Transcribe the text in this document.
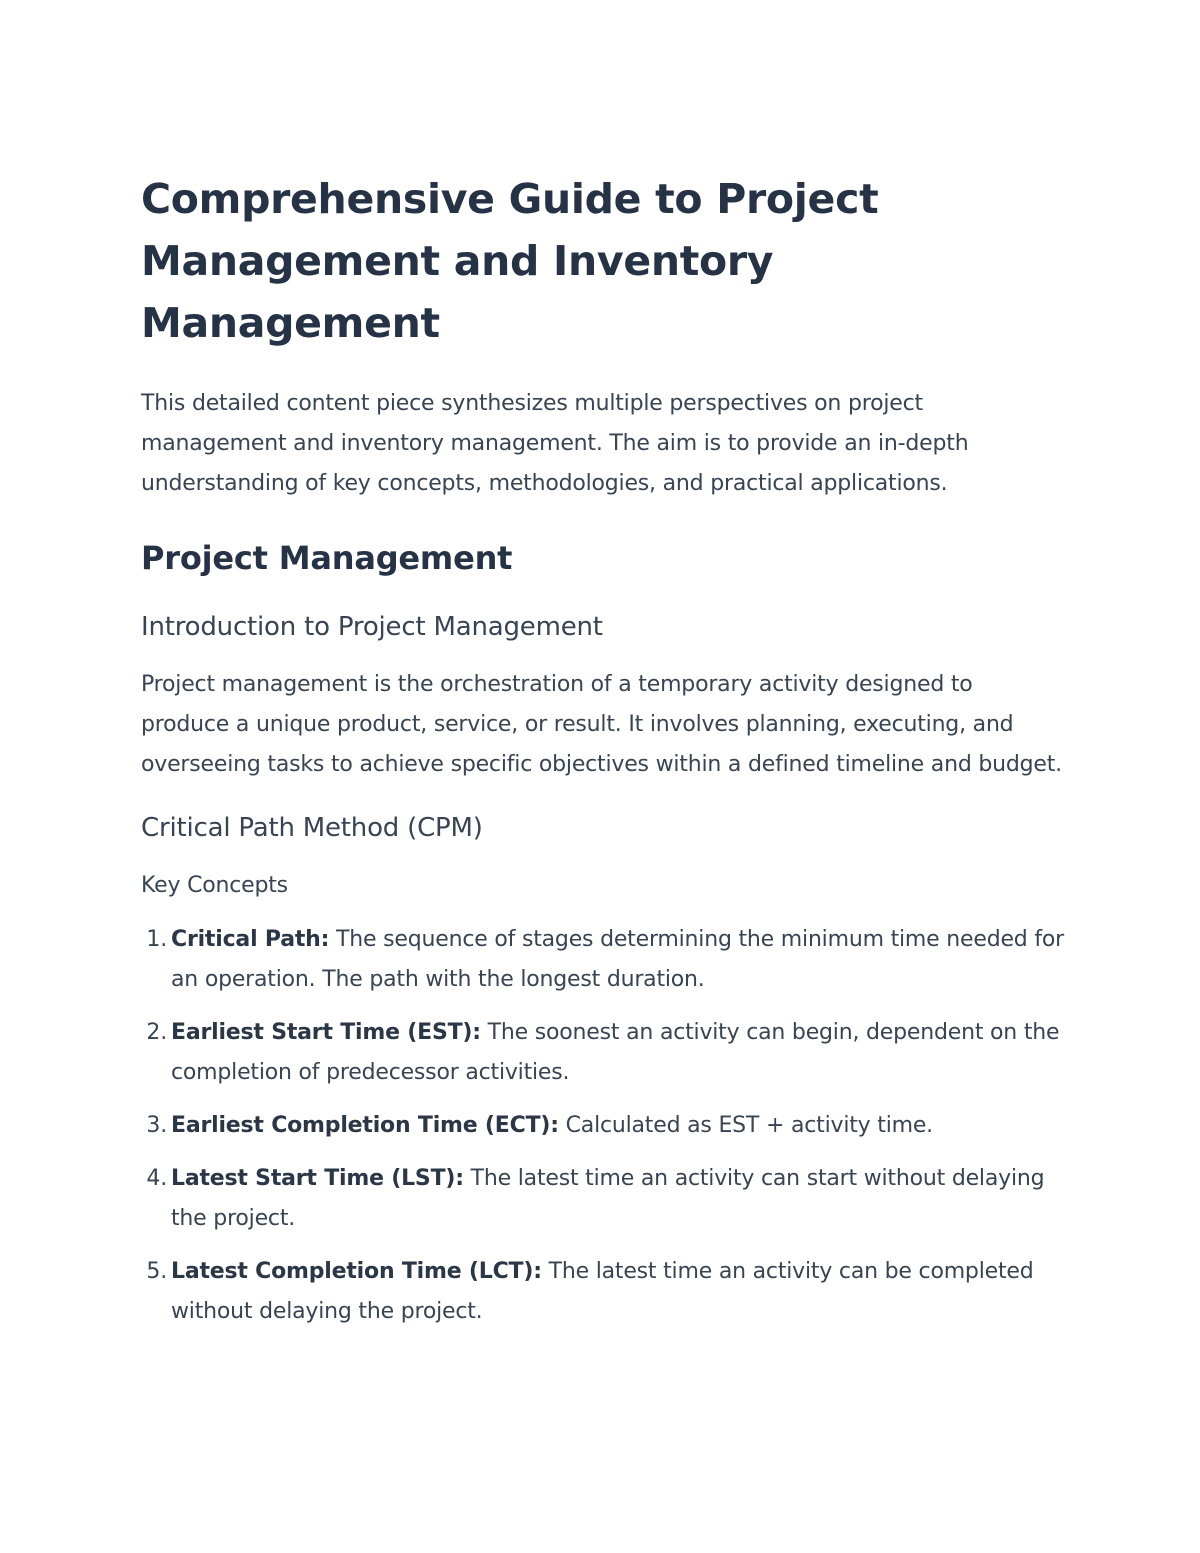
Comprehensive Guide to Project Management and Inventory Management

This detailed content piece synthesizes multiple perspectives on project management and inventory management. The aim is to provide an in-depth understanding of key concepts, methodologies, and practical applications.

Project Management
Introduction to Project Management

Project management is the orchestration of a temporary activity designed to produce a unique product, service, or result. It involves planning, executing, and overseeing tasks to achieve specific objectives within a defined timeline and budget.

Critical Path Method (CPM)
Key Concepts
1. Critical Path: The sequence of stages determining the minimum time needed for an operation. The path with the longest duration.
2. Earliest Start Time (EST): The soonest an activity can begin, dependent on the completion of predecessor activities.
3. Earliest Completion Time (ECT): Calculated as EST + activity time.
4. Latest Start Time (LST): The latest time an activity can start without delaying the project.
5. Latest Completion Time (LCT): The latest time an activity can be completed without delaying the project.
